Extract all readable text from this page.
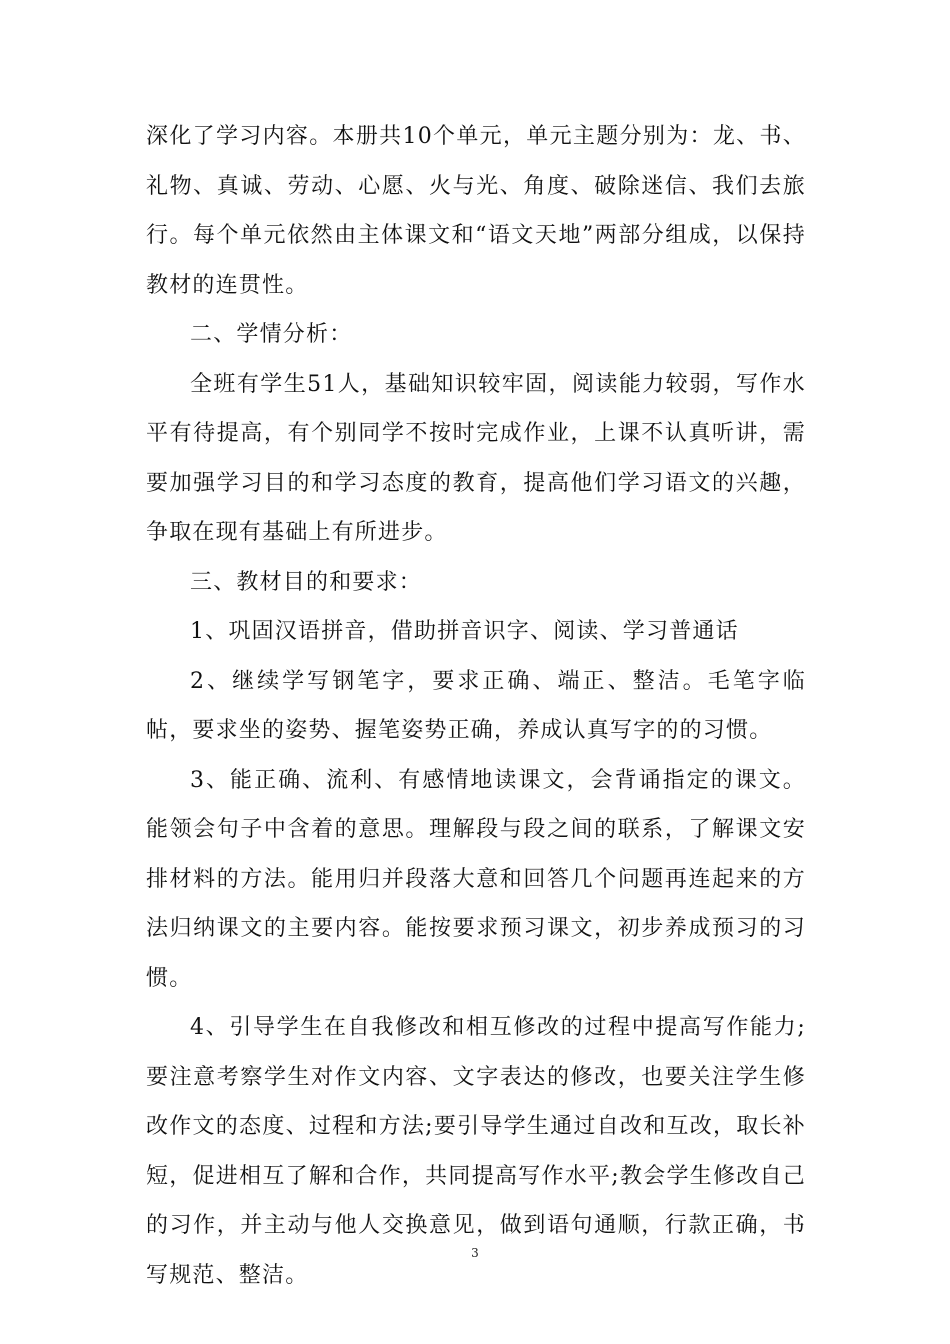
深化了学习内容。本册共10个单元，单元主题分别为：龙、书、礼物、真诚、劳动、心愿、火与光、角度、破除迷信、我们去旅行。每个单元依然由主体课文和“语文天地”两部分组成，以保持教材的连贯性。

二、学情分析：

全班有学生51人，基础知识较牢固，阅读能力较弱，写作水平有待提高，有个别同学不按时完成作业，上课不认真听讲，需要加强学习目的和学习态度的教育，提高他们学习语文的兴趣，争取在现有基础上有所进步。

三、教材目的和要求：

1、巩固汉语拼音，借助拼音识字、阅读、学习普通话

2、继续学写钢笔字，要求正确、端正、整洁。毛笔字临帖，要求坐的姿势、握笔姿势正确，养成认真写字的的习惯。

3、能正确、流利、有感情地读课文，会背诵指定的课文。能领会句子中含着的意思。理解段与段之间的联系，了解课文安排材料的方法。能用归并段落大意和回答几个问题再连起来的方法归纳课文的主要内容。能按要求预习课文，初步养成预习的习惯。

4、引导学生在自我修改和相互修改的过程中提高写作能力;要注意考察学生对作文内容、文字表达的修改，也要关注学生修改作文的态度、过程和方法;要引导学生通过自改和互改，取长补短，促进相互了解和合作，共同提高写作水平;教会学生修改自己的习作，并主动与他人交换意见，做到语句通顺，行款正确，书写规范、整洁。

3
